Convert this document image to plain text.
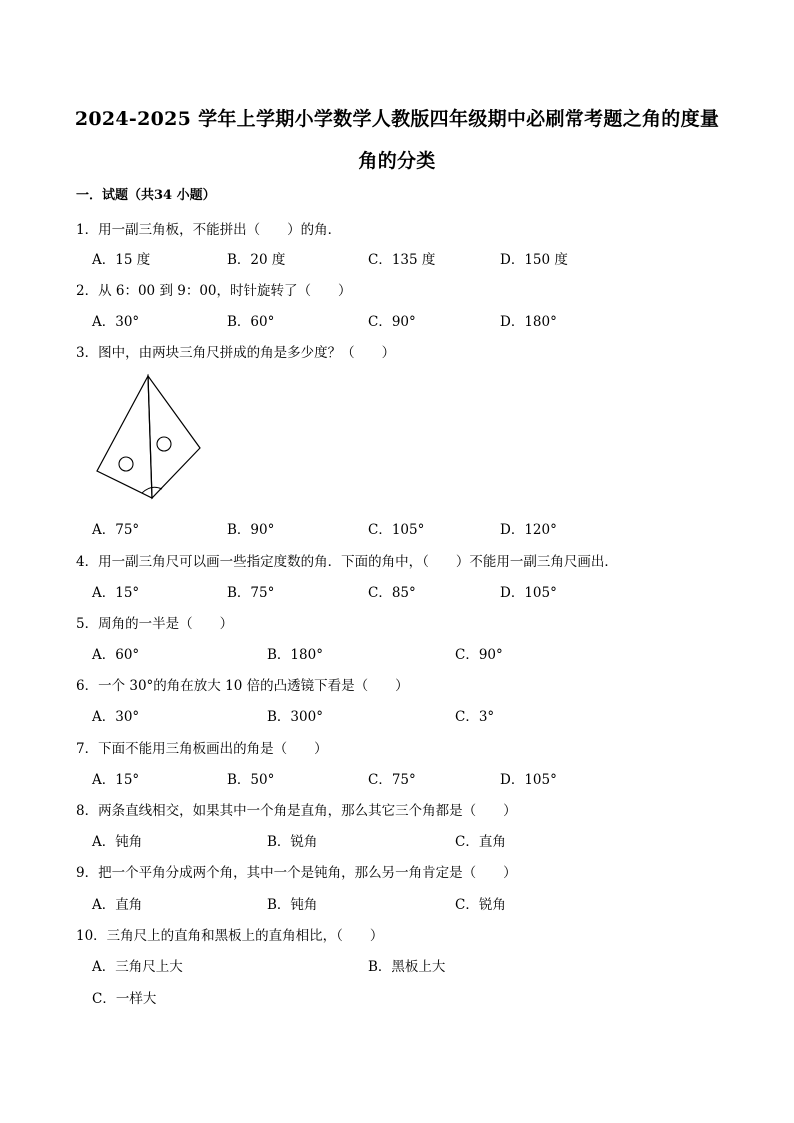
2024-2025 学年上学期小学数学人教版四年级期中必刷常考题之角的度量
角的分类
一．试题（共34 小题）
1．用一副三角板，不能拼出（　　）的角．
A．15 度	B．20 度	C．135 度	D．150 度
2．从 6：00 到 9：00，时针旋转了（　　）
A．30°	B．60°	C．90°	D．180°
3．图中，由两块三角尺拼成的角是多少度？（　　）
A．75°	B．90°	C．105°	D．120°
4．用一副三角尺可以画一些指定度数的角．下面的角中，（　　）不能用一副三角尺画出．
A．15°	B．75°	C．85°	D．105°
5．周角的一半是（　　）
A．60°	B．180°	C．90°
6．一个 30°的角在放大 10 倍的凸透镜下看是（　　）
A．30°	B．300°	C．3°
7．下面不能用三角板画出的角是（　　）
A．15°	B．50°	C．75°	D．105°
8．两条直线相交，如果其中一个角是直角，那么其它三个角都是（　　）
A．钝角	B．锐角	C．直角
9．把一个平角分成两个角，其中一个是钝角，那么另一角肯定是（　　）
A．直角	B．钝角	C．锐角
10．三角尺上的直角和黑板上的直角相比，（　　）
A．三角尺上大	B．黑板上大
C．一样大
